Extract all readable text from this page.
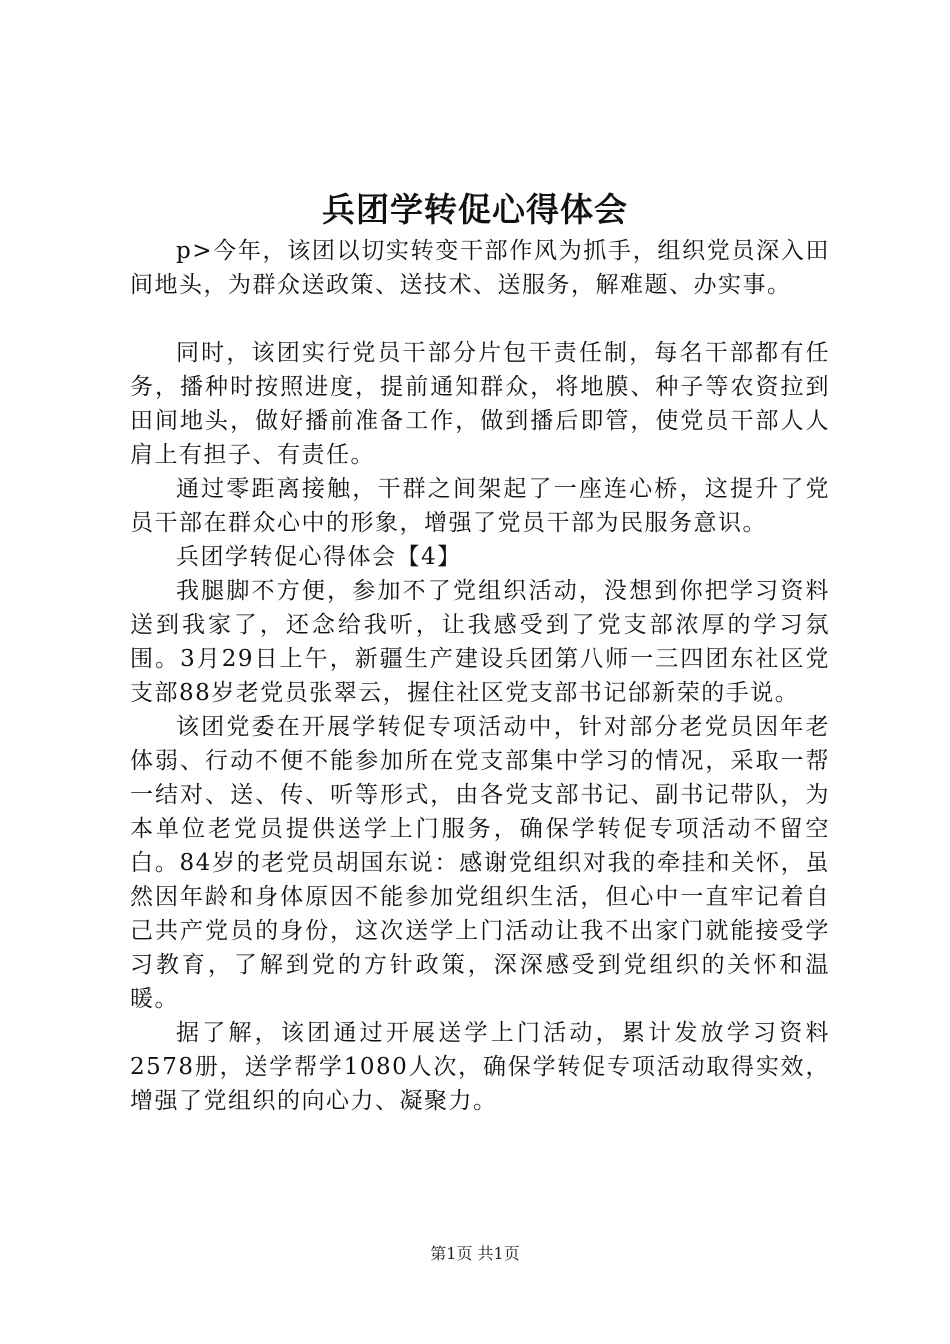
兵团学转促心得体会

p>今年，该团以切实转变干部作风为抓手，组织党员深入田间地头，为群众送政策、送技术、送服务，解难题、办实事。

同时，该团实行党员干部分片包干责任制，每名干部都有任务，播种时按照进度，提前通知群众，将地膜、种子等农资拉到田间地头，做好播前准备工作，做到播后即管，使党员干部人人肩上有担子、有责任。

通过零距离接触，干群之间架起了一座连心桥，这提升了党员干部在群众心中的形象，增强了党员干部为民服务意识。

兵团学转促心得体会【4】

我腿脚不方便，参加不了党组织活动，没想到你把学习资料送到我家了，还念给我听，让我感受到了党支部浓厚的学习氛围。3月29日上午，新疆生产建设兵团第八师一三四团东社区党支部88岁老党员张翠云，握住社区党支部书记邰新荣的手说。

该团党委在开展学转促专项活动中，针对部分老党员因年老体弱、行动不便不能参加所在党支部集中学习的情况，采取一帮一结对、送、传、听等形式，由各党支部书记、副书记带队，为本单位老党员提供送学上门服务，确保学转促专项活动不留空白。84岁的老党员胡国东说：感谢党组织对我的牵挂和关怀，虽然因年龄和身体原因不能参加党组织生活，但心中一直牢记着自己共产党员的身份，这次送学上门活动让我不出家门就能接受学习教育，了解到党的方针政策，深深感受到党组织的关怀和温暖。

据了解，该团通过开展送学上门活动，累计发放学习资料2578册，送学帮学1080人次，确保学转促专项活动取得实效，增强了党组织的向心力、凝聚力。

第1页 共1页
